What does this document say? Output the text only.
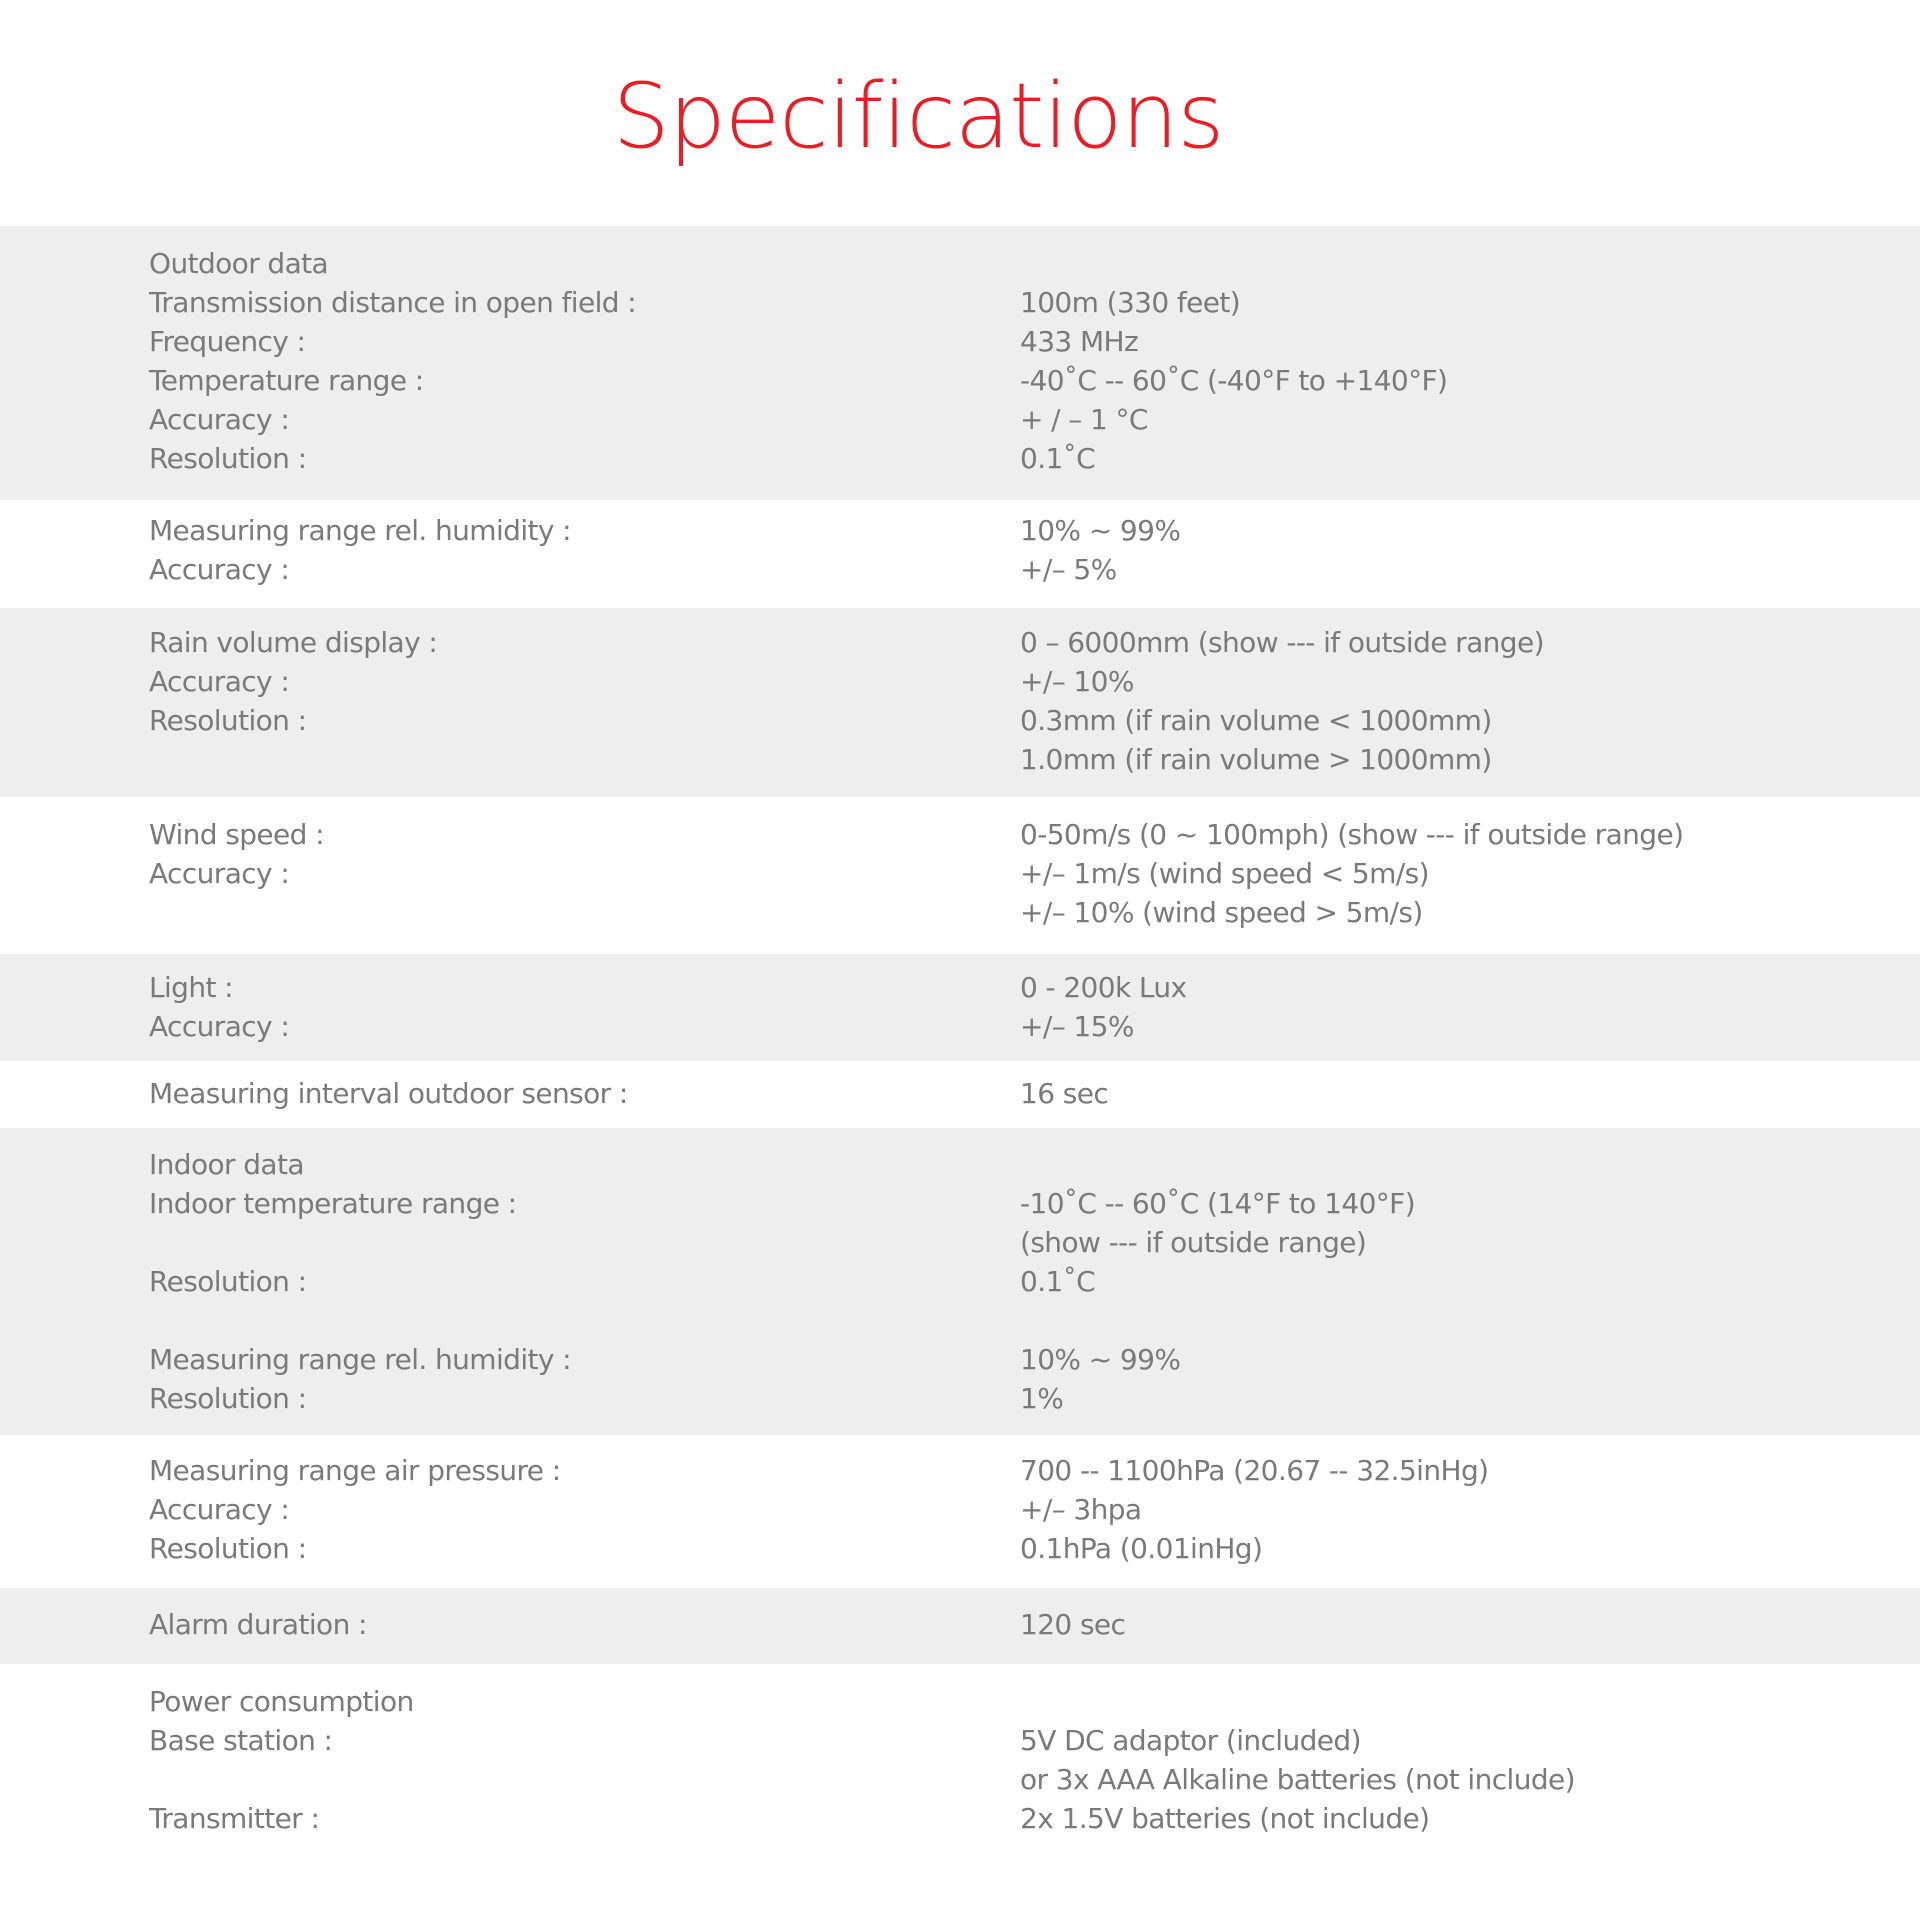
Specifications
Outdoor data
Transmission distance in open field :	100m (330 feet)
Frequency :	433 MHz
Temperature range :	-40˚C -- 60˚C (-40°F to +140°F)
Accuracy :	+ / – 1 °C
Resolution :	0.1˚C
Measuring range rel. humidity :	10% ~ 99%
Accuracy :	+/– 5%
Rain volume display :	0 – 6000mm (show --- if outside range)
Accuracy :	+/– 10%
Resolution :	0.3mm (if rain volume < 1000mm)
1.0mm (if rain volume > 1000mm)
Wind speed :	0-50m/s (0 ~ 100mph) (show --- if outside range)
Accuracy :	+/– 1m/s (wind speed < 5m/s)
+/– 10% (wind speed > 5m/s)
Light :	0 - 200k Lux
Accuracy :	+/– 15%
Measuring interval outdoor sensor :	16 sec
Indoor data
Indoor temperature range :	-10˚C -- 60˚C (14°F to 140°F)
(show --- if outside range)
Resolution :	0.1˚C
Measuring range rel. humidity :	10% ~ 99%
Resolution :	1%
Measuring range air pressure :	700 -- 1100hPa (20.67 -- 32.5inHg)
Accuracy :	+/– 3hpa
Resolution :	0.1hPa (0.01inHg)
Alarm duration :	120 sec
Power consumption
Base station :	5V DC adaptor (included)
or 3x AAA Alkaline batteries (not include)
Transmitter :	2x 1.5V batteries (not include)
